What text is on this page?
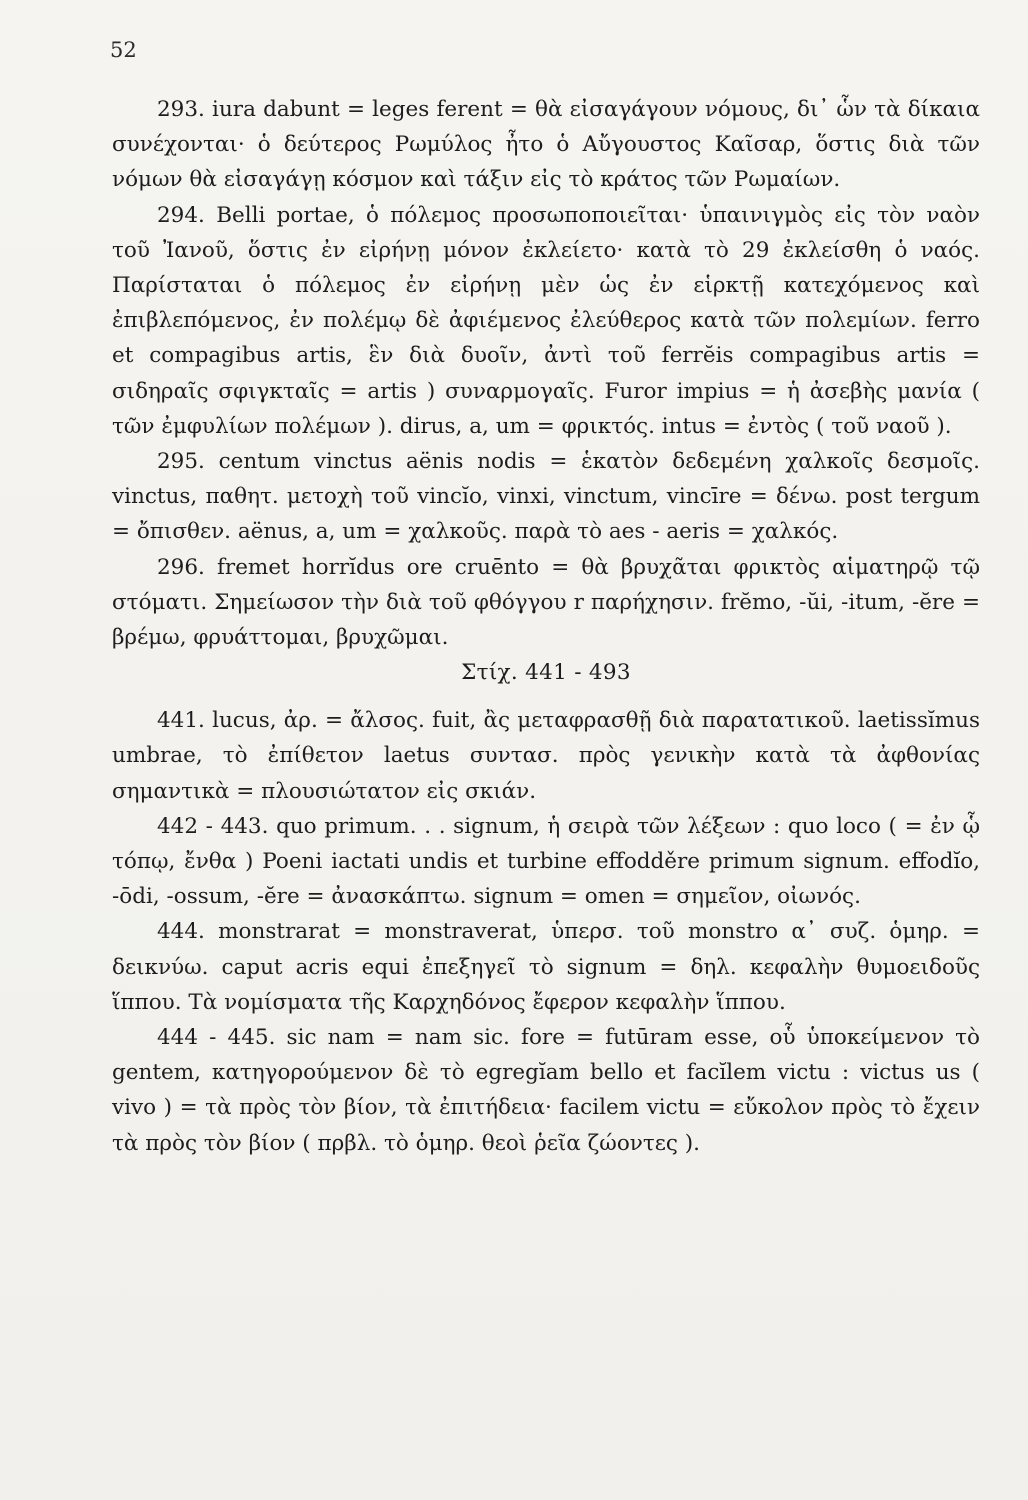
52

293. iura dabunt = leges ferent = θὰ εἰσαγάγουν νόμους, δι᾽ ὧν τὰ δίκαια συνέχονται· ὁ δεύτερος Ρωμύλος ἦτο ὁ Αὔγουστος Καῖσαρ, ὅστις διὰ τῶν νόμων θὰ εἰσαγάγῃ κόσμον καὶ τάξιν εἰς τὸ κράτος τῶν Ρωμαίων.

294. Belli portae, ὁ πόλεμος προσωποποιεῖται· ὑπαινιγμὸς εἰς τὸν ναὸν τοῦ Ἰανοῦ, ὅστις ἐν εἰρήνῃ μόνον ἐκλείετο· κατὰ τὸ 29 ἐκλείσθη ὁ ναός. Παρίσταται ὁ πόλεμος ἐν εἰρήνῃ μὲν ὡς ἐν εἱρκτῇ κατεχόμενος καὶ ἐπιβλεπόμενος, ἐν πολέμῳ δὲ ἀφιέμενος ἐλεύθερος κατὰ τῶν πολεμίων. ferro et compagibus artis, ἓν διὰ δυοῖν, ἀντὶ τοῦ ferrĕis compagibus artis = σιδηραῖς σφιγκταῖς = artis ) συναρμογαῖς. Furor impius = ἡ ἀσεβὴς μανία ( τῶν ἐμφυλίων πολέμων ). dirus, a, um = φρικτός. intus = ἐντὸς ( τοῦ ναοῦ ).

295. centum vinctus aënis nodis = ἑκατὸν δεδεμένη χαλκοῖς δεσμοῖς. vinctus, παθητ. μετοχὴ τοῦ vincĭo, vinxi, vinctum, vincīre = δένω. post tergum = ὄπισθεν. aënus, a, um = χαλκοῦς. παρὰ τὸ aes - aeris = χαλκός.

296. fremet horrĭdus ore cruēnto = θὰ βρυχᾶται φρικτὸς αἱματηρῷ τῷ στόματι. Σημείωσον τὴν διὰ τοῦ φθόγγου r παρήχησιν. frĕmo, -ŭi, -itum, -ĕre = βρέμω, φρυάττομαι, βρυχῶμαι.

Στίχ. 441 - 493

441. lucus, ἀρ. = ἄλσος. fuit, ἂς μεταφρασθῇ διὰ παρατατικοῦ. laetissĭmus umbrae, τὸ ἐπίθετον laetus συντασ. πρὸς γενικὴν κατὰ τὰ ἀφθονίας σημαντικὰ = πλουσιώτατον εἰς σκιάν.

442 - 443. quo primum. . . signum, ἡ σειρὰ τῶν λέξεων : quo loco ( = ἐν ᾧ τόπῳ, ἔνθα ) Poeni iactati undis et turbine effodděre primum signum. effodĭo, -ōdi, -ossum, -ĕre = ἀνασκάπτω. signum = omen = σημεῖον, οἰωνός.

444. monstrarat = monstraverat, ὑπερσ. τοῦ monstro α᾽ συζ. ὁμηρ. = δεικνύω. caput acris equi ἐπεξηγεῖ τὸ signum = δηλ. κεφαλὴν θυμοειδοῦς ἵππου. Τὰ νομίσματα τῆς Καρχηδόνος ἔφερον κεφαλὴν ἵππου.

444 - 445. sic nam = nam sic. fore = futūram esse, οὗ ὑποκείμενον τὸ gentem, κατηγορούμενον δὲ τὸ egregĭam bello et facĭlem victu : victus us ( vivo ) = τὰ πρὸς τὸν βίον, τὰ ἐπιτήδεια· facilem victu = εὔκολον πρὸς τὸ ἔχειν τὰ πρὸς τὸν βίον ( πρβλ. τὸ ὁμηρ. θεοὶ ῥεῖα ζώοντες ).
